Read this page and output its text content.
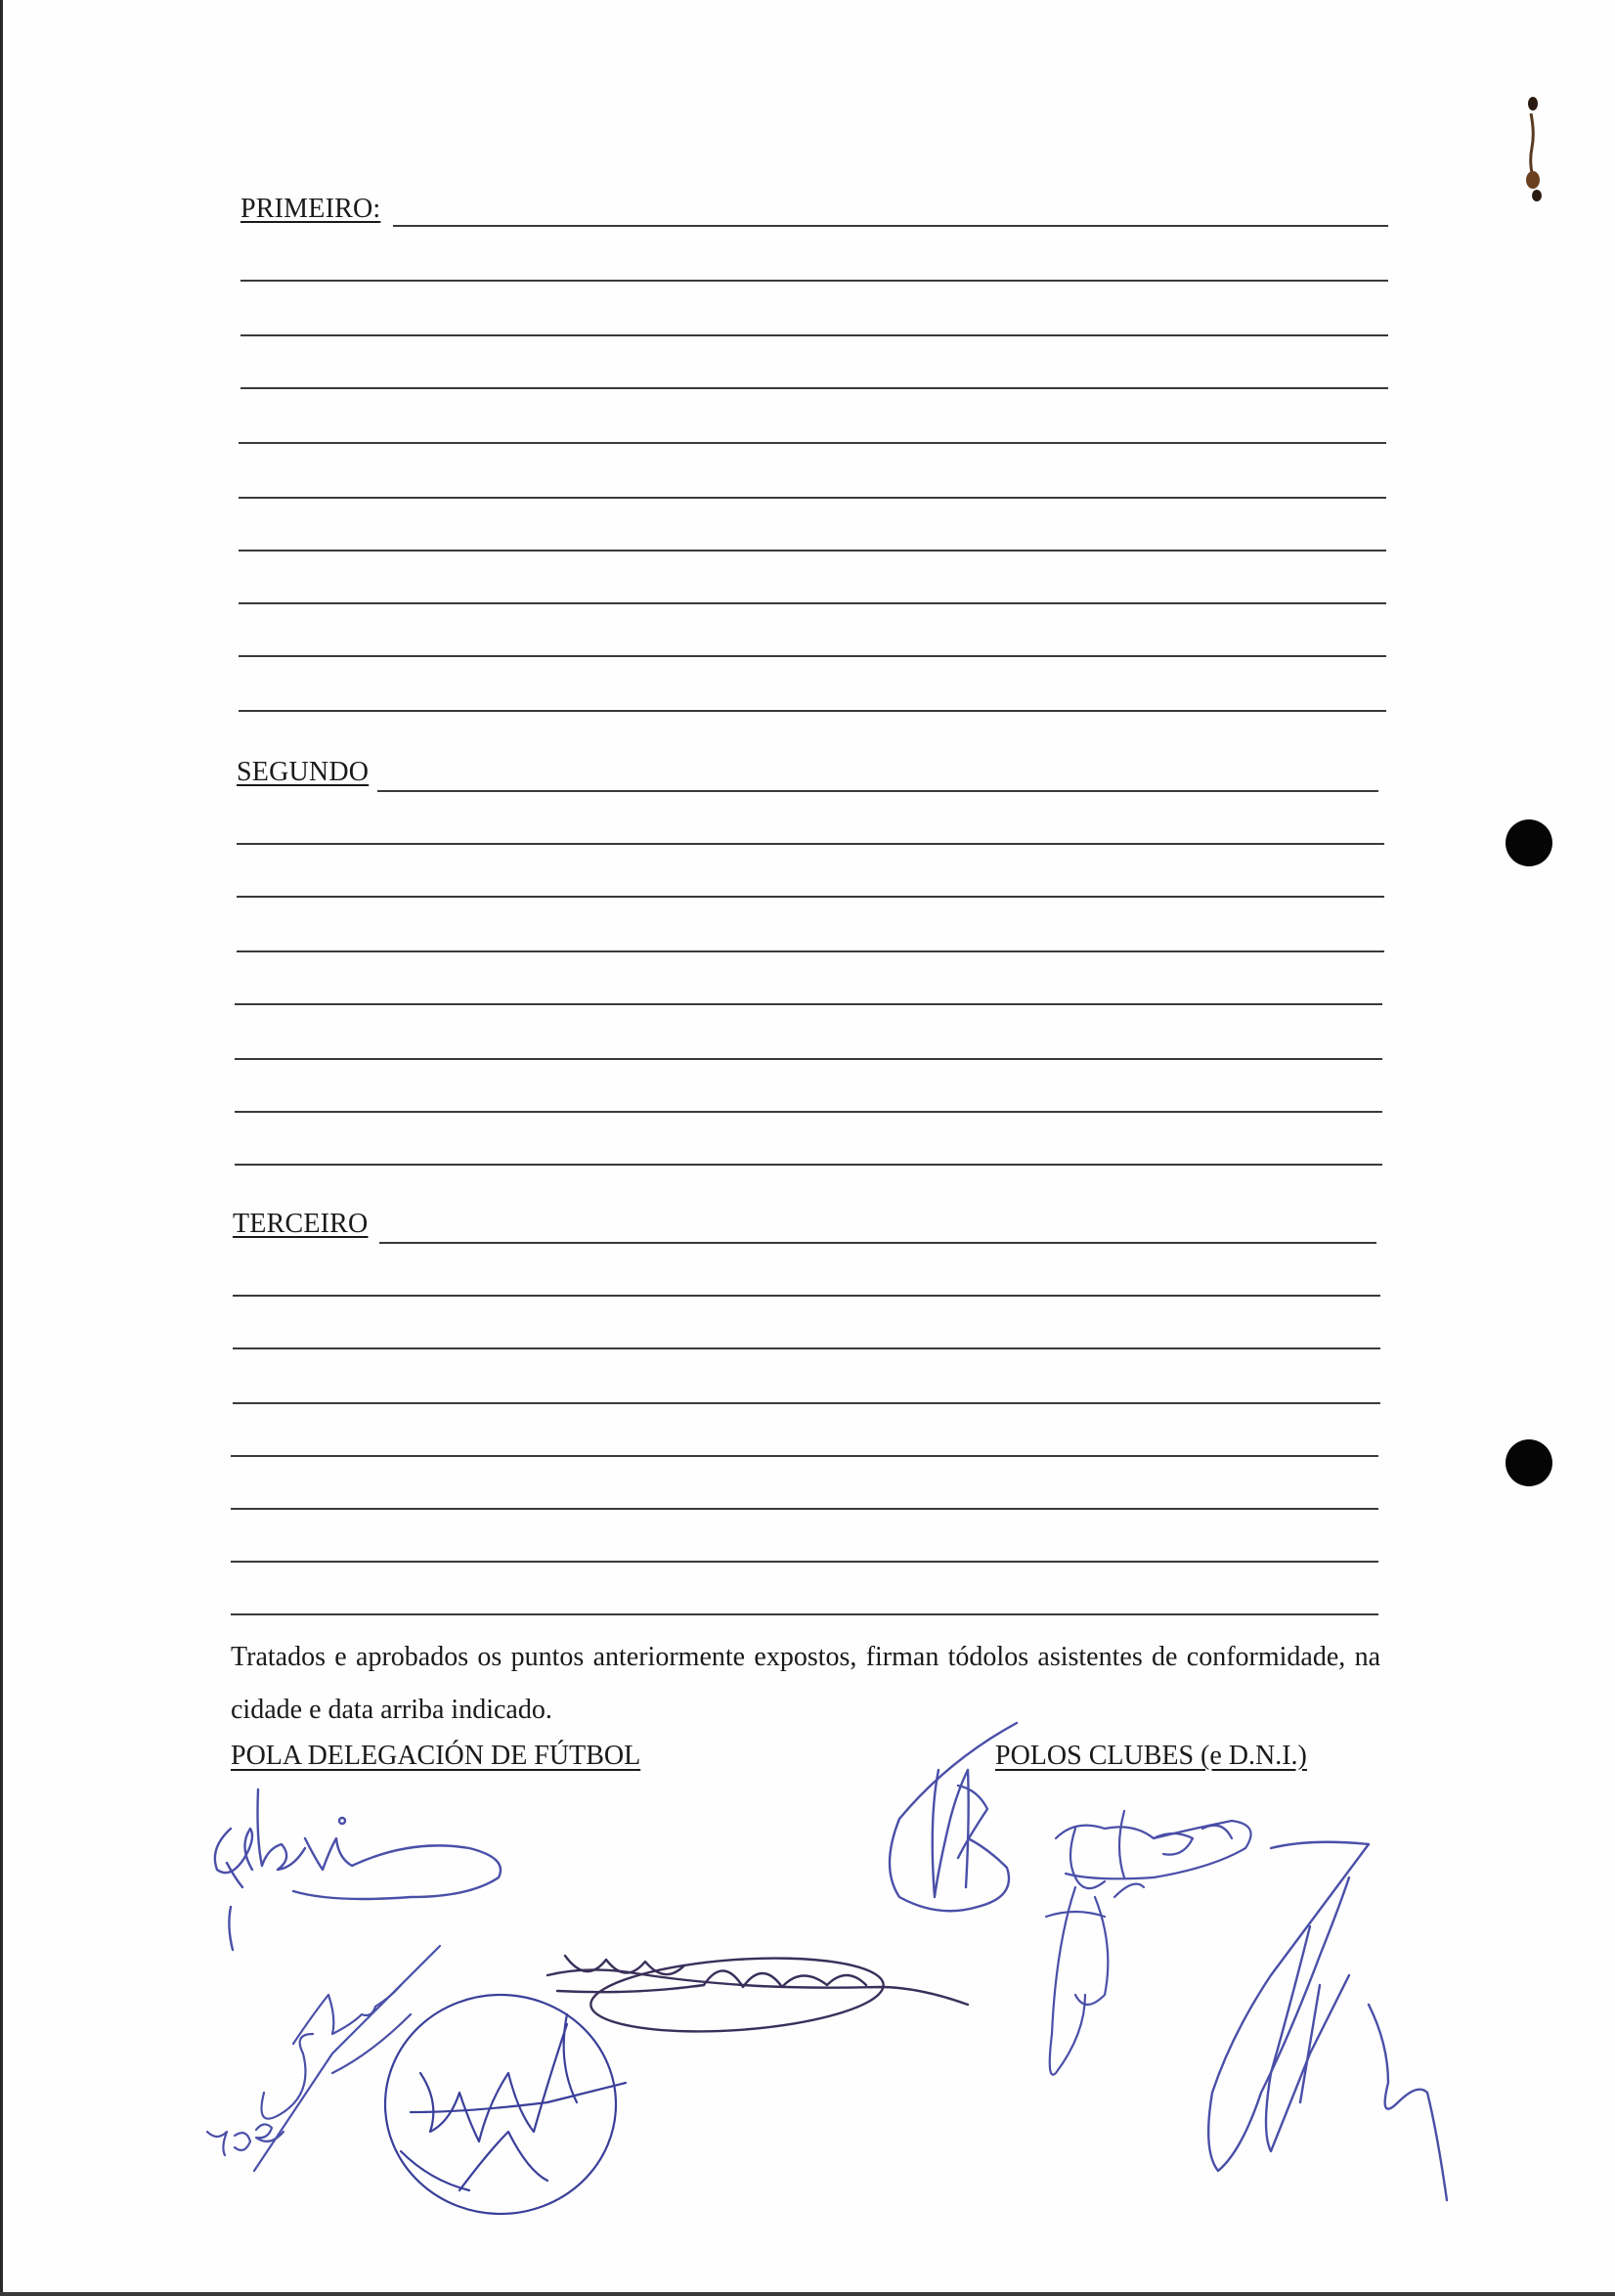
PRIMEIRO:
SEGUNDO
TERCEIRO
Tratados e aprobados os puntos anteriormente expostos, firman tódolos asistentes de conformidade, na cidade e data arriba indicado.
POLA DELEGACIÓN DE FÚTBOL	POLOS CLUBES (e D.N.I.)
